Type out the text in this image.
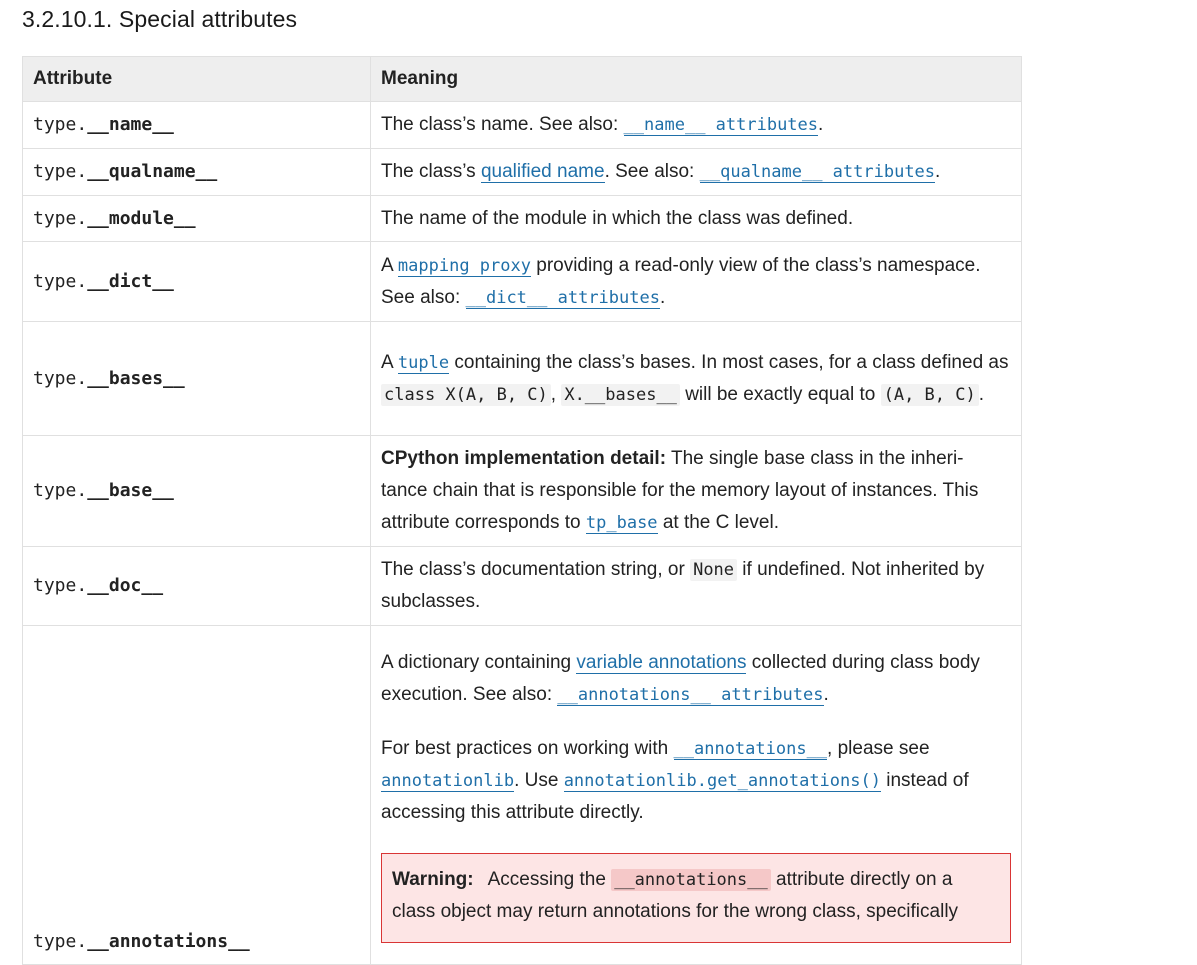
3.2.10.1. Special attributes
Attribute	Meaning
type.__name__	The class’s name. See also: __name__ attributes.
type.__qualname__	The class’s qualified name. See also: __qualname__ attributes.
type.__module__	The name of the module in which the class was defined.
type.__dict__	A mapping proxy providing a read-only view of the class’s namespace. See also: __dict__ attributes.
type.__bases__	A tuple containing the class’s bases. In most cases, for a class defined as class X(A, B, C) , X.__bases__ will be exactly equal to (A, B, C) .
type.__base__	CPython implementation detail: The single base class in the inheri- tance chain that is responsible for the memory layout of instances. This attribute corresponds to tp_base at the C level.
type.__doc__	The class’s documentation string, or None if undefined. Not inherited by subclasses.
type.__annotations__	A dictionary containing variable annotations collected during class body execution. See also: __annotations__ attributes.

For best practices on working with __annotations__, please see annotationlib. Use annotationlib.get_annotations() instead of accessing this attribute directly.

Warning: Accessing the __annotations__ attribute directly on a class object may return annotations for the wrong class, specifically
